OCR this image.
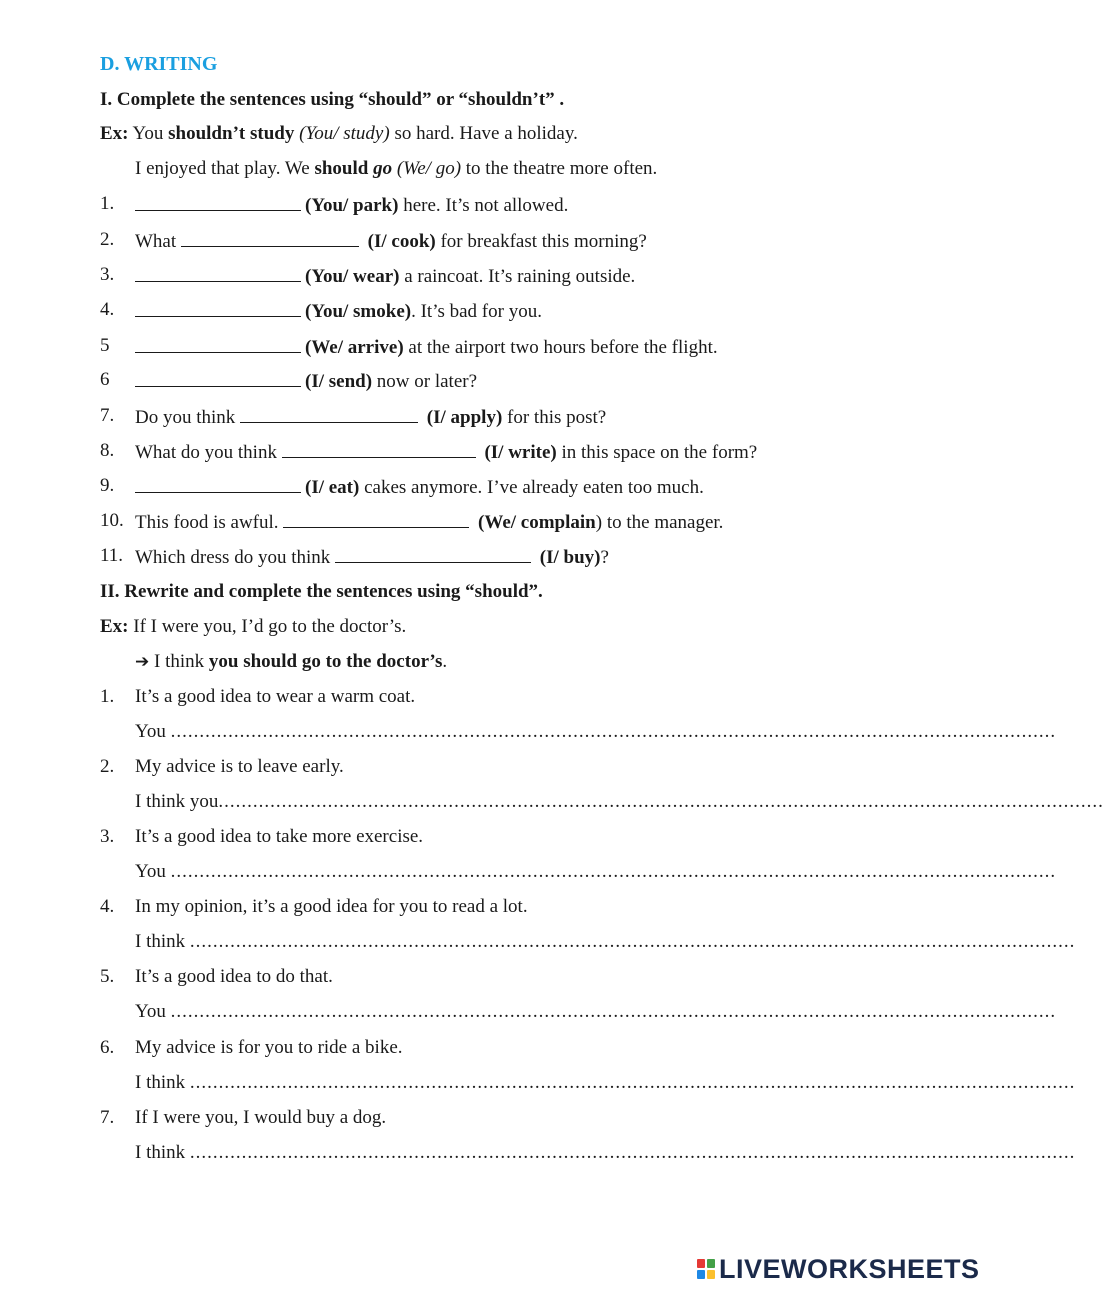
D. WRITING
I. Complete the sentences using “should” or “shouldn’t” .
Ex: You shouldn’t study (You/ study) so hard. Have a holiday.
I enjoyed that play. We should go (We/ go) to the theatre more often.
1.	(You/ park) here. It’s not allowed.
2. What	(I/ cook) for breakfast this morning?
3.	(You/ wear) a raincoat. It’s raining outside.
4.	(You/ smoke). It’s bad for you.
5	(We/ arrive) at the airport two hours before the flight.
6	(I/ send) now or later?
7. Do you think	(I/ apply) for this post?
8. What do you think	(I/ write) in this space on the form?
9.	(I/ eat) cakes anymore. I’ve already eaten too much.
10. This food is awful.	(We/ complain) to the manager.
11. Which dress do you think	(I/ buy)?
II. Rewrite and complete the sentences using “should”.
Ex: If I were you, I’d go to the doctor’s.
➔ I think you should go to the doctor’s.
1. It’s a good idea to wear a warm coat.
You ..........................................................................................................................................................
2. My advice is to leave early.
I think you..........................................................................................................................................................
3. It’s a good idea to take more exercise.
You ..........................................................................................................................................................
4. In my opinion, it’s a good idea for you to read a lot.
I think ..........................................................................................................................................................
5. It’s a good idea to do that.
You ..........................................................................................................................................................
6. My advice is for you to ride a bike.
I think ..........................................................................................................................................................
7. If I were you, I would buy a dog.
I think ..........................................................................................................................................................
LIVEWORKSHEETS
